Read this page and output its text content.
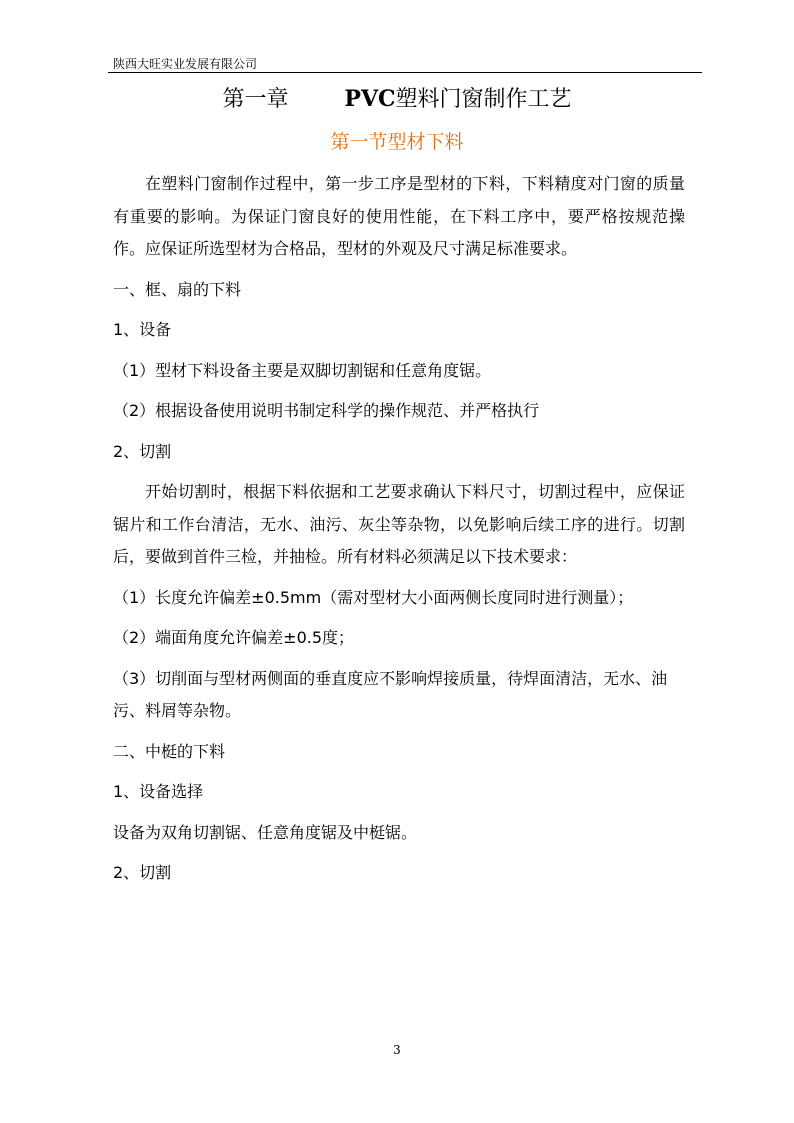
陕西大旺实业发展有限公司
第一章	PVC塑料门窗制作工艺
第一节型材下料

在塑料门窗制作过程中，第一步工序是型材的下料，下料精度对门窗的质量有重要的影响。为保证门窗良好的使用性能，在下料工序中，要严格按规范操作。应保证所选型材为合格品，型材的外观及尺寸满足标准要求。

一、框、扇的下料

1、设备

（1）型材下料设备主要是双脚切割锯和任意角度锯。

（2）根据设备使用说明书制定科学的操作规范、并严格执行

2、切割

开始切割时，根据下料依据和工艺要求确认下料尺寸，切割过程中，应保证锯片和工作台清洁，无水、油污、灰尘等杂物，以免影响后续工序的进行。切割后，要做到首件三检，并抽检。所有材料必须满足以下技术要求：

（1）长度允许偏差±0.5mm（需对型材大小面两侧长度同时进行测量）；

（2）端面角度允许偏差±0.5度；

（3）切削面与型材两侧面的垂直度应不影响焊接质量，待焊面清洁，无水、油污、料屑等杂物。

二、中梃的下料

1、设备选择

设备为双角切割锯、任意角度锯及中梃锯。

2、切割

3
